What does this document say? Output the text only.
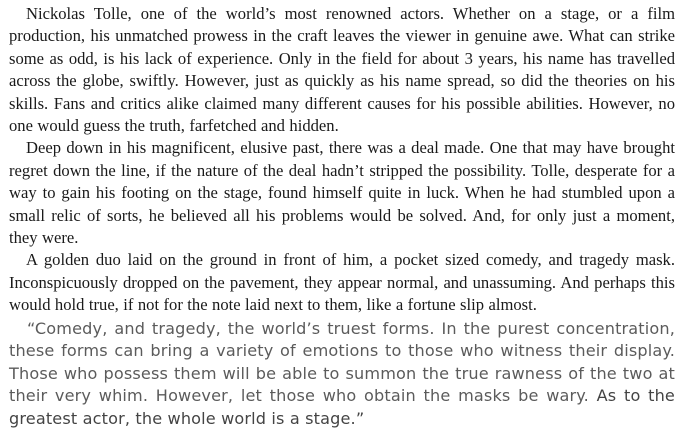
Nickolas Tolle, one of the world’s most renowned actors. Whether on a stage, or a film production, his unmatched prowess in the craft leaves the viewer in genuine awe. What can strike some as odd, is his lack of experience. Only in the field for about 3 years, his name has travelled across the globe, swiftly. However, just as quickly as his name spread, so did the theories on his skills. Fans and critics alike claimed many different causes for his possible abilities. However, no one would guess the truth, farfetched and hidden.

Deep down in his magnificent, elusive past, there was a deal made. One that may have brought regret down the line, if the nature of the deal hadn’t stripped the possibility. Tolle, desperate for a way to gain his footing on the stage, found himself quite in luck. When he had stumbled upon a small relic of sorts, he believed all his problems would be solved. And, for only just a moment, they were.

A golden duo laid on the ground in front of him, a pocket sized comedy, and tragedy mask. Inconspicuously dropped on the pavement, they appear normal, and unassuming. And perhaps this would hold true, if not for the note laid next to them, like a fortune slip almost.

“Comedy, and tragedy, the world’s truest forms. In the purest concentration, these forms can bring a variety of emotions to those who witness their display. Those who possess them will be able to summon the true rawness of the two at their very whim. However, let those who obtain the masks be wary. As to the greatest actor, the whole world is a stage.”
